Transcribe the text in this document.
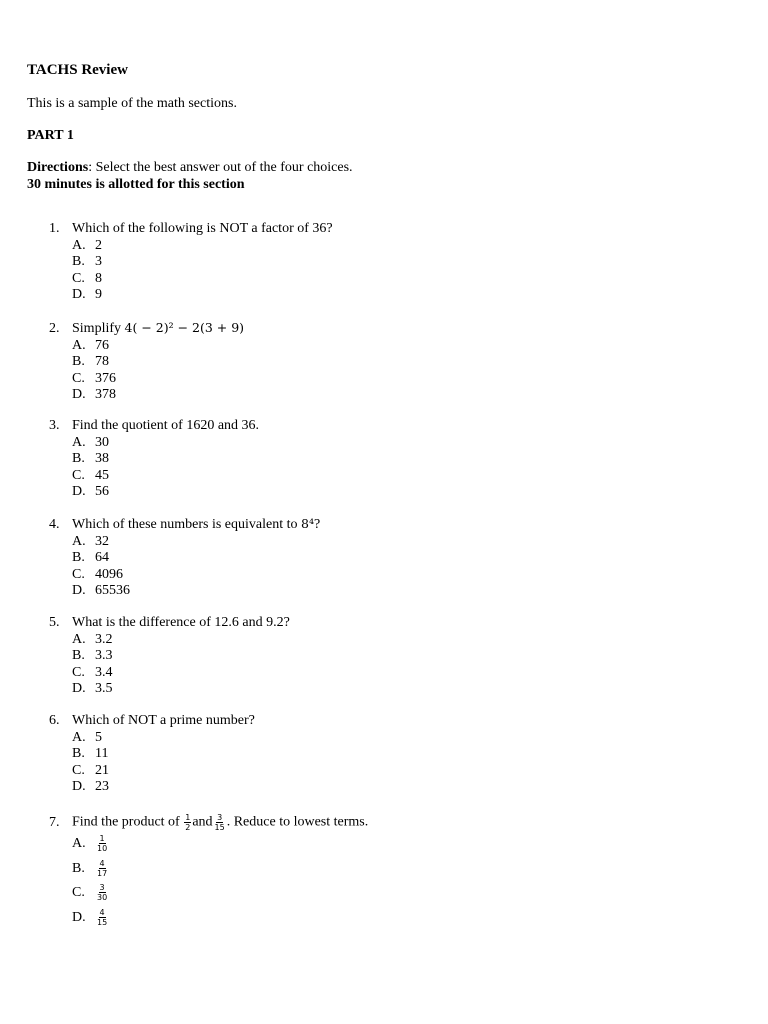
TACHS Review
This is a sample of the math sections.
PART 1
Directions: Select the best answer out of the four choices.
30 minutes is allotted for this section
1. Which of the following is NOT a factor of 36?
A. 2
B. 3
C. 8
D. 9
2. Simplify 4( − 2)² − 2(3 + 9)
A. 76
B. 78
C. 376
D. 378
3. Find the quotient of 1620 and 36.
A. 30
B. 38
C. 45
D. 56
4. Which of these numbers is equivalent to 8⁴?
A. 32
B. 64
C. 4096
D. 65536
5. What is the difference of 12.6 and 9.2?
A. 3.2
B. 3.3
C. 3.4
D. 3.5
6. Which of NOT a prime number?
A. 5
B. 11
C. 21
D. 23
7. Find the product of $\frac{1}{2}$ and $\frac{3}{15}$ . Reduce to lowest terms.
A. $\frac{1}{10}$
B. $\frac{4}{17}$
C. $\frac{3}{30}$
D. $\frac{4}{15}$
